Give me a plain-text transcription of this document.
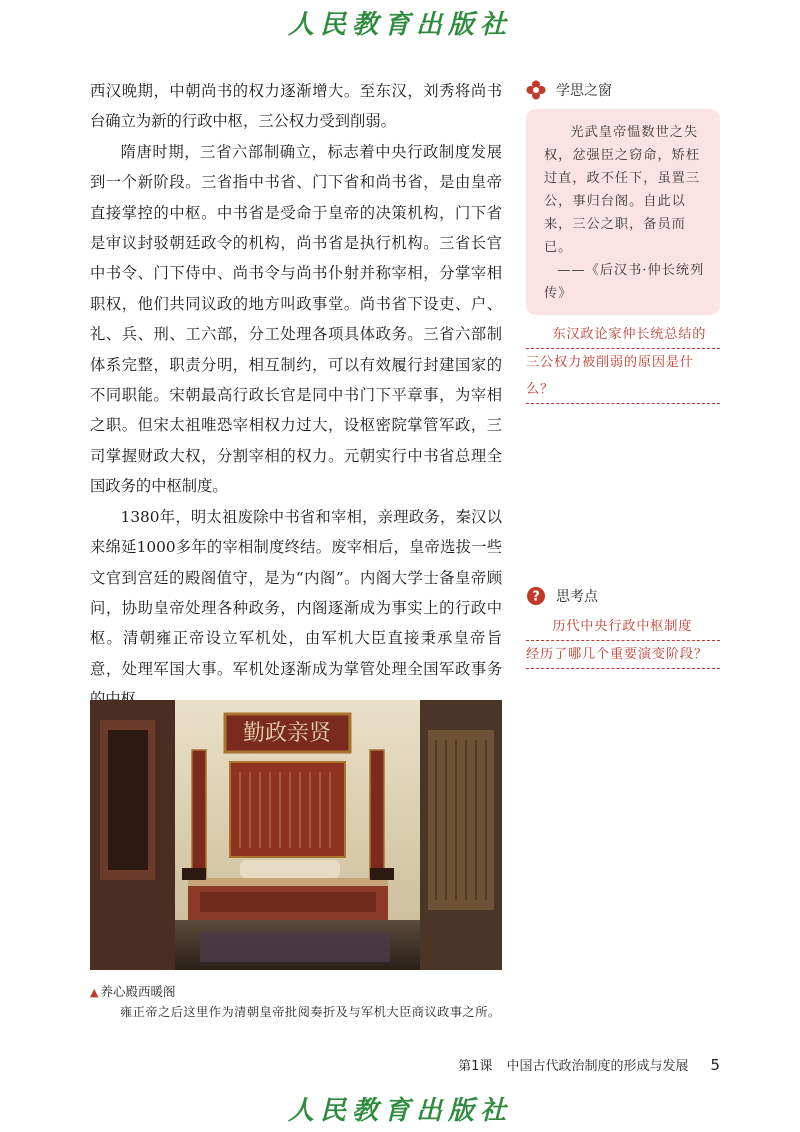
人民教育出版社

西汉晚期，中朝尚书的权力逐渐增大。至东汉，刘秀将尚书台确立为新的行政中枢，三公权力受到削弱。

隋唐时期，三省六部制确立，标志着中央行政制度发展到一个新阶段。三省指中书省、门下省和尚书省，是由皇帝直接掌控的中枢。中书省是受命于皇帝的决策机构，门下省是审议封驳朝廷政令的机构，尚书省是执行机构。三省长官中书令、门下侍中、尚书令与尚书仆射并称宰相，分掌宰相职权，他们共同议政的地方叫政事堂。尚书省下设吏、户、礼、兵、刑、工六部，分工处理各项具体政务。三省六部制体系完整，职责分明，相互制约，可以有效履行封建国家的不同职能。宋朝最高行政长官是同中书门下平章事，为宰相之职。但宋太祖唯恐宰相权力过大，设枢密院掌管军政，三司掌握财政大权，分割宰相的权力。元朝实行中书省总理全国政务的中枢制度。

1380年，明太祖废除中书省和宰相，亲理政务，秦汉以来绵延1000多年的宰相制度终结。废宰相后，皇帝选拔一些文官到宫廷的殿阁值守，是为“内阁”。内阁大学士备皇帝顾问，协助皇帝处理各种政务，内阁逐渐成为事实上的行政中枢。清朝雍正帝设立军机处，由军机大臣直接秉承皇帝旨意，处理军国大事。军机处逐渐成为掌管处理全国军政事务

学思之窗
光武皇帝愠数世之失权，忿强臣之窃命，矫枉过直，政不任下，虽置三公，事归台阁。自此以来，三公之职，备员而已。
——《后汉书·仲长统列传》
东汉政论家仲长统总结的
三公权力被削弱的原因是什么？
? 思考点
历代中央行政中枢制度
经历了哪几个重要演变阶段？
勤政亲贤
▲ 养心殿西暖阁
雍正帝之后这里作为清朝皇帝批阅奏折及与军机大臣商议政事之所。
第1课 中国古代政治制度的形成与发展 5
人民教育出版社
